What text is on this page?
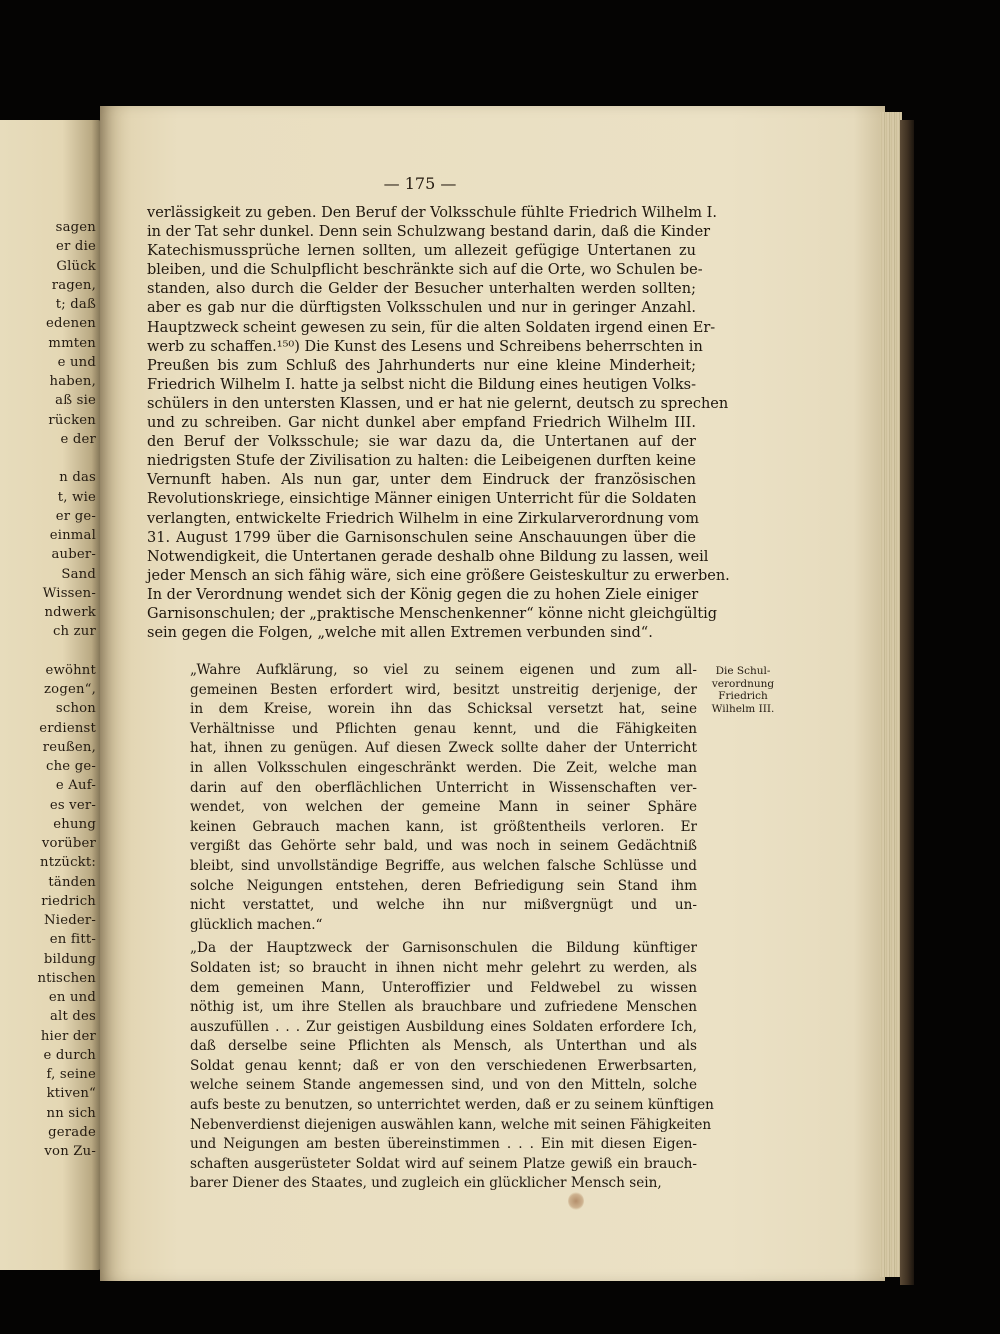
sagen
er die
Glück
ragen,
t; daß
edenen
mmten
e und
haben,
aß sie
rücken
e der

n das
t, wie
er ge-
einmal
auber-
Sand
Wissen-
ndwerk
ch zur

ewöhnt
zogen“,
schon
erdienst
reußen,
che ge-
e Auf-
es ver-
ehung
vorüber
ntzückt:
tänden
riedrich
Nieder-
en fitt-
bildung
ntischen
en und
alt des
hier der
e durch
f, seine
ktiven“
nn sich
gerade
von Zu-
— 175 —
verlässigkeit zu geben. Den Beruf der Volksschule fühlte Friedrich Wilhelm I.
in der Tat sehr dunkel. Denn sein Schulzwang bestand darin, daß die Kinder
Katechismussprüche lernen sollten, um allezeit gefügige Untertanen zu
bleiben, und die Schulpflicht beschränkte sich auf die Orte, wo Schulen be-
standen, also durch die Gelder der Besucher unterhalten werden sollten;
aber es gab nur die dürftigsten Volksschulen und nur in geringer Anzahl.
Hauptzweck scheint gewesen zu sein, für die alten Soldaten irgend einen Er-
werb zu schaffen.¹⁵⁰) Die Kunst des Lesens und Schreibens beherrschten in
Preußen bis zum Schluß des Jahrhunderts nur eine kleine Minderheit;
Friedrich Wilhelm I. hatte ja selbst nicht die Bildung eines heutigen Volks-
schülers in den untersten Klassen, und er hat nie gelernt, deutsch zu sprechen
und zu schreiben. Gar nicht dunkel aber empfand Friedrich Wilhelm III.
den Beruf der Volksschule; sie war dazu da, die Untertanen auf der
niedrigsten Stufe der Zivilisation zu halten: die Leibeigenen durften keine
Vernunft haben. Als nun gar, unter dem Eindruck der französischen
Revolutionskriege, einsichtige Männer einigen Unterricht für die Soldaten
verlangten, entwickelte Friedrich Wilhelm in eine Zirkularverordnung vom
31. August 1799 über die Garnisonschulen seine Anschauungen über die
Notwendigkeit, die Untertanen gerade deshalb ohne Bildung zu lassen, weil
jeder Mensch an sich fähig wäre, sich eine größere Geisteskultur zu erwerben.
In der Verordnung wendet sich der König gegen die zu hohen Ziele einiger
Garnisonschulen; der „praktische Menschenkenner“ könne nicht gleichgültig
sein gegen die Folgen, „welche mit allen Extremen verbunden sind“.
„Wahre Aufklärung, so viel zu seinem eigenen und zum all-
gemeinen Besten erfordert wird, besitzt unstreitig derjenige, der
in dem Kreise, worein ihn das Schicksal versetzt hat, seine
Verhältnisse und Pflichten genau kennt, und die Fähigkeiten
hat, ihnen zu genügen. Auf diesen Zweck sollte daher der Unterricht
in allen Volksschulen eingeschränkt werden. Die Zeit, welche man
darin auf den oberflächlichen Unterricht in Wissenschaften ver-
wendet, von welchen der gemeine Mann in seiner Sphäre
keinen Gebrauch machen kann, ist größtentheils verloren. Er
vergißt das Gehörte sehr bald, und was noch in seinem Gedächtniß
bleibt, sind unvollständige Begriffe, aus welchen falsche Schlüsse und
solche Neigungen entstehen, deren Befriedigung sein Stand ihm
nicht verstattet, und welche ihn nur mißvergnügt und un-
glücklich machen.“
„Da der Hauptzweck der Garnisonschulen die Bildung künftiger
Soldaten ist; so braucht in ihnen nicht mehr gelehrt zu werden, als
dem gemeinen Mann, Unteroffizier und Feldwebel zu wissen
nöthig ist, um ihre Stellen als brauchbare und zufriedene Menschen
auszufüllen . . . Zur geistigen Ausbildung eines Soldaten erfordere Ich,
daß derselbe seine Pflichten als Mensch, als Unterthan und als
Soldat genau kennt; daß er von den verschiedenen Erwerbsarten,
welche seinem Stande angemessen sind, und von den Mitteln, solche
aufs beste zu benutzen, so unterrichtet werden, daß er zu seinem künftigen
Nebenverdienst diejenigen auswählen kann, welche mit seinen Fähigkeiten
und Neigungen am besten übereinstimmen . . . Ein mit diesen Eigen-
schaften ausgerüsteter Soldat wird auf seinem Platze gewiß ein brauch-
barer Diener des Staates, und zugleich ein glücklicher Mensch sein,
Die Schul-
verordnung
Friedrich
Wilhelm III.
